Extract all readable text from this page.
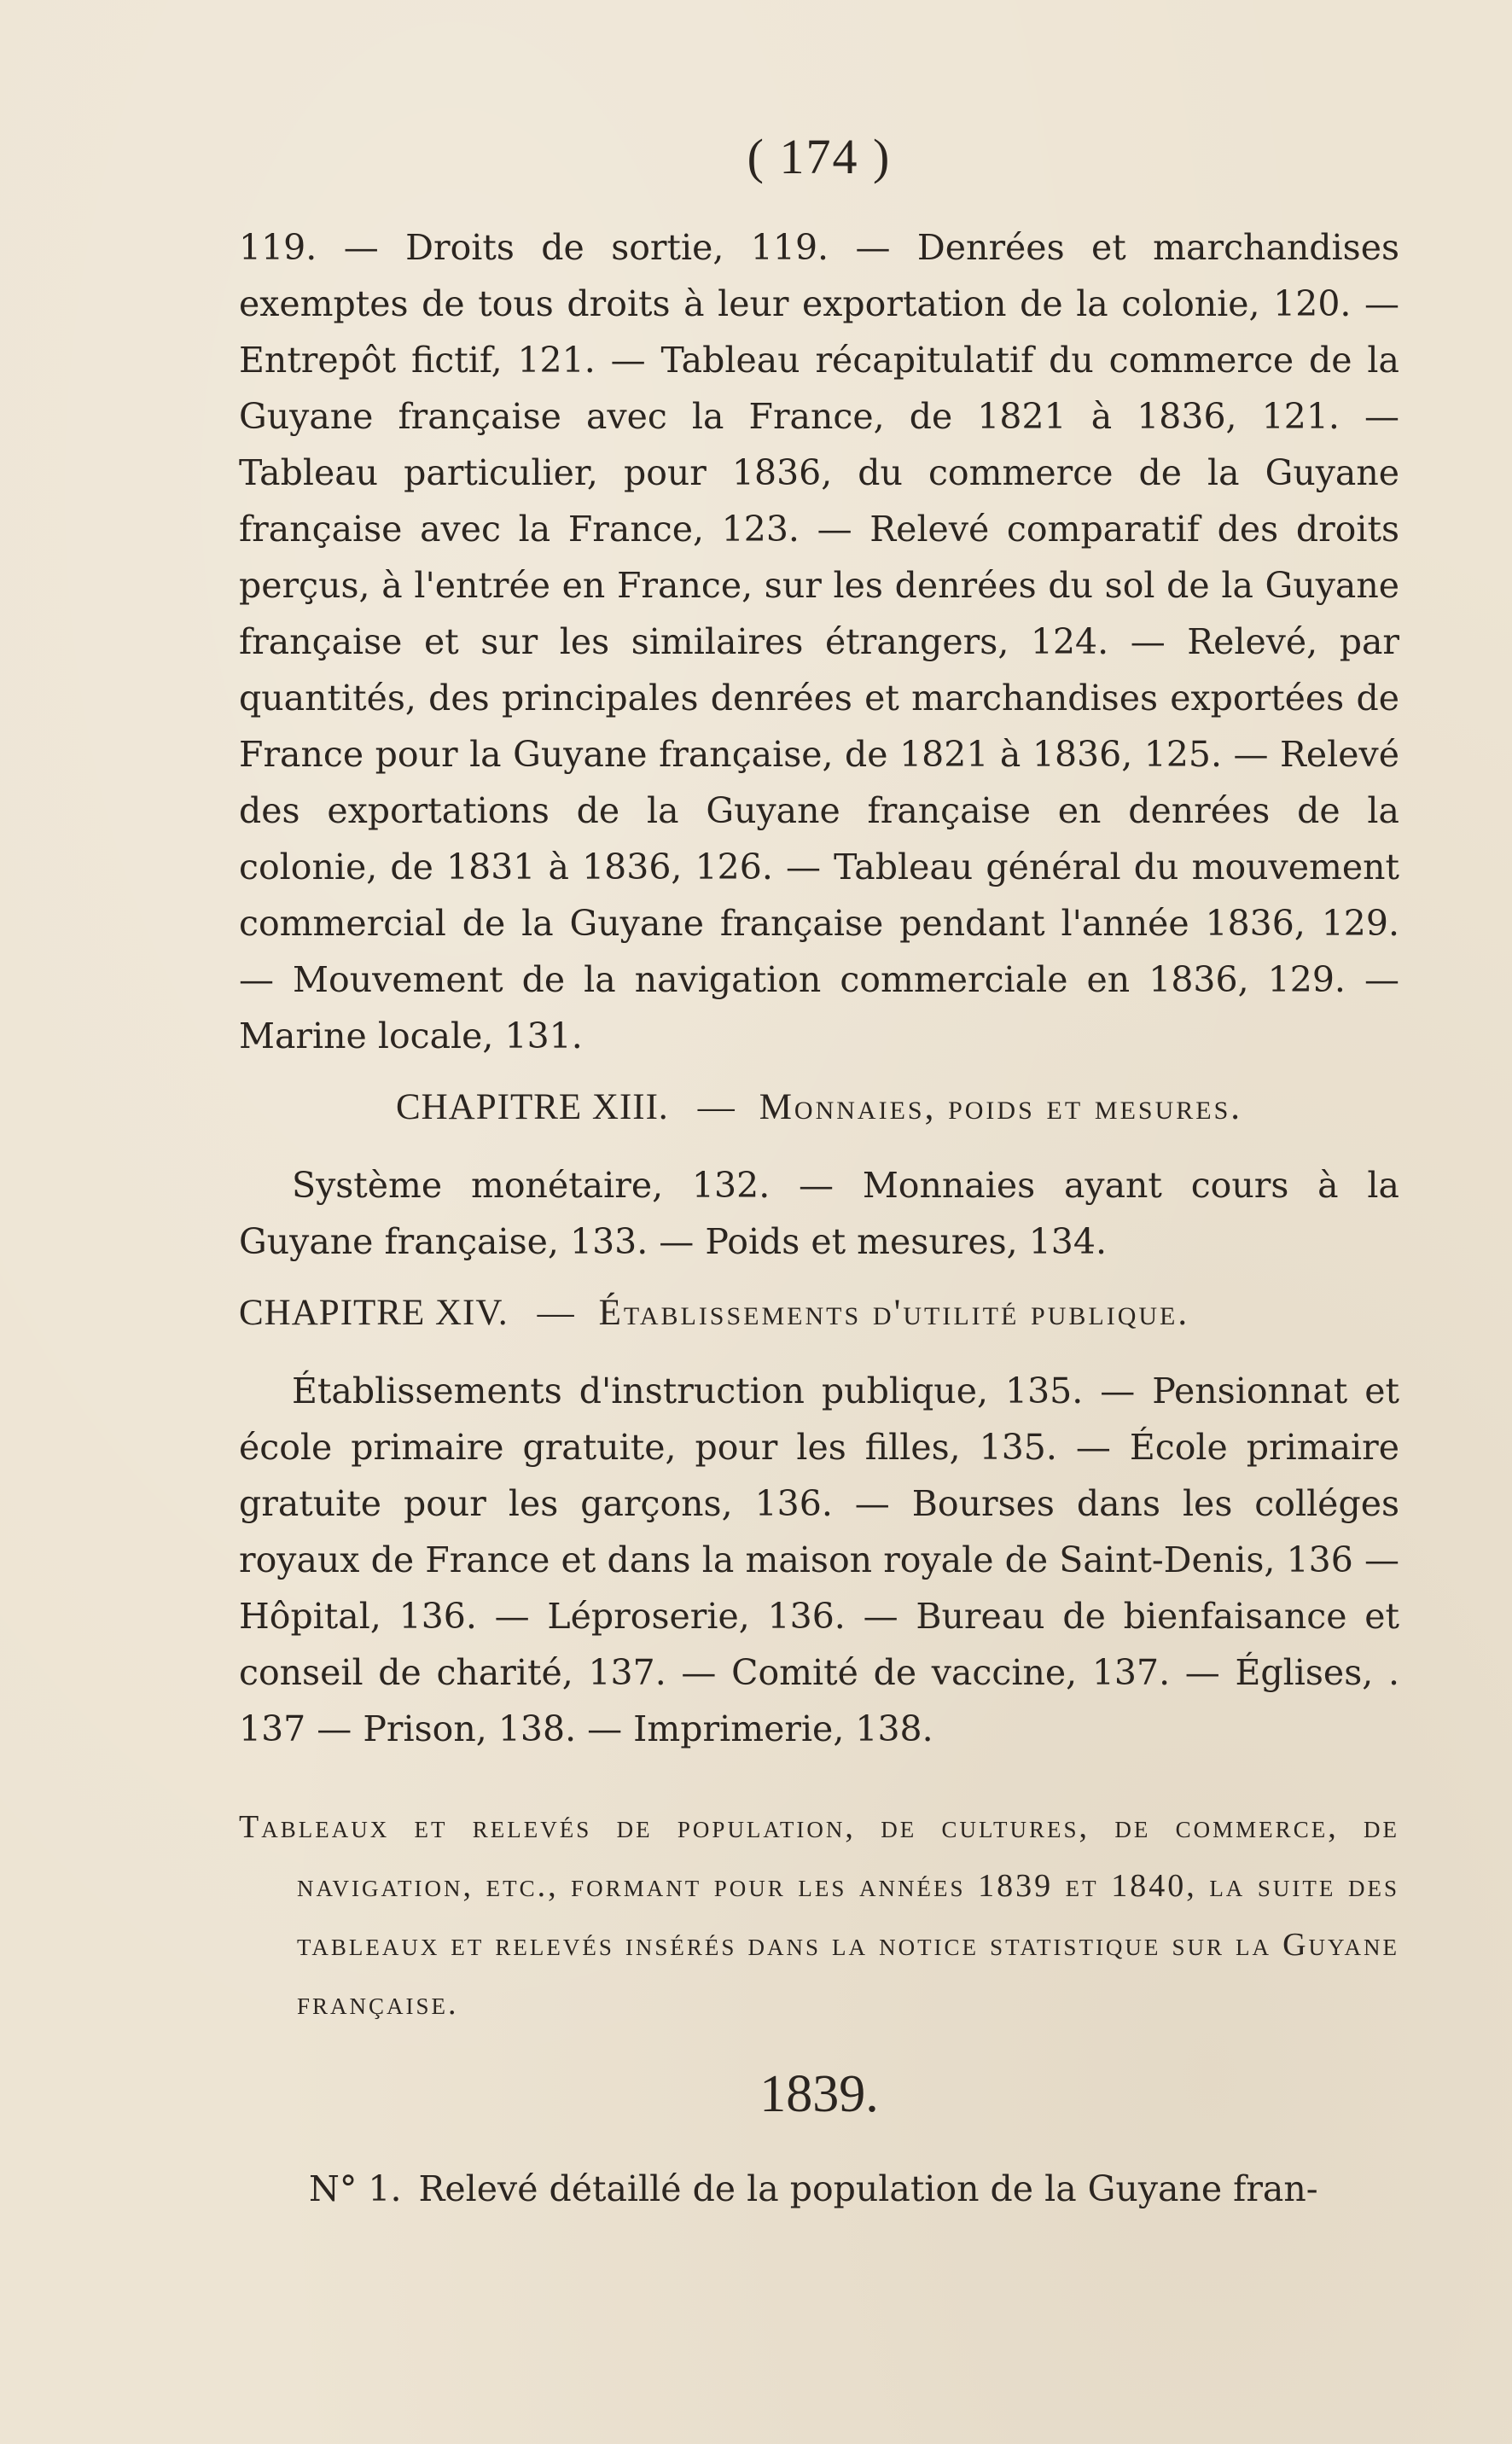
( 174 )

119. — Droits de sortie, 119. — Denrées et marchandises exemptes de tous droits à leur exportation de la colonie, 120. — Entrepôt fictif, 121. — Tableau récapitulatif du commerce de la Guyane française avec la France, de 1821 à 1836, 121. — Tableau particulier, pour 1836, du commerce de la Guyane française avec la France, 123. — Relevé comparatif des droits perçus, à l'entrée en France, sur les denrées du sol de la Guyane française et sur les similaires étrangers, 124. — Relevé, par quantités, des principales denrées et marchandises exportées de France pour la Guyane française, de 1821 à 1836, 125. — Relevé des exportations de la Guyane française en denrées de la colonie, de 1831 à 1836, 126. — Tableau général du mouvement commercial de la Guyane française pendant l'année 1836, 129. — Mouvement de la navigation commerciale en 1836, 129. — Marine locale, 131.

CHAPITRE XIII. — Monnaies, poids et mesures.

Système monétaire, 132. — Monnaies ayant cours à la Guyane française, 133. — Poids et mesures, 134.

CHAPITRE XIV. — Établissements d'utilité publique.

Établissements d'instruction publique, 135. — Pensionnat et école primaire gratuite, pour les filles, 135. — École primaire gratuite pour les garçons, 136. — Bourses dans les colléges royaux de France et dans la maison royale de Saint-Denis, 136 — Hôpital, 136. — Léproserie, 136. — Bureau de bienfaisance et conseil de charité, 137. — Comité de vaccine, 137. — Églises, . 137 — Prison, 138. — Imprimerie, 138.

Tableaux et relevés de population, de cultures, de commerce, de navigation, etc., formant pour les années 1839 et 1840, la suite des tableaux et relevés insérés dans la notice statistique sur la Guyane française.

1839.

N° 1. Relevé détaillé de la population de la Guyane fran-
